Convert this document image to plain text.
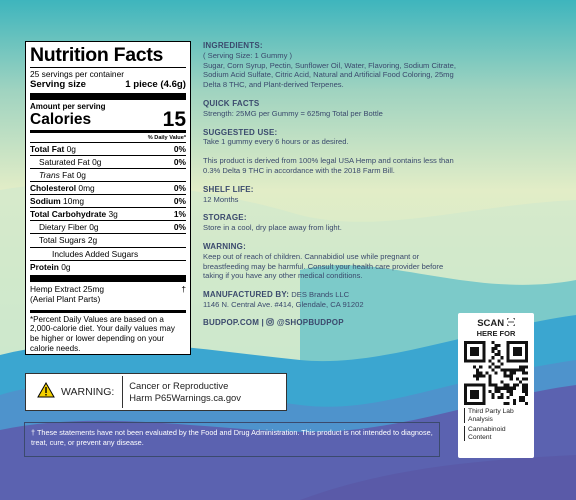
Nutrition Facts
25 servings per container
Serving size	1 piece (4.6g)
Amount per serving
Calories	15
% Daily Value*
Total Fat 0g	0%
Saturated Fat 0g	0%
Trans Fat 0g
Cholesterol 0mg	0%
Sodium 10mg	0%
Total Carbohydrate 3g	1%
Dietary Fiber 0g	0%
Total Sugars 2g
Includes Added Sugars
Protein 0g
Hemp Extract 25mg	†
(Aerial Plant Parts)
*Percent Daily Values are based on a 2,000-calorie diet. Your daily values may be higher or lower depending on your calorie needs.
INGREDIENTS:
( Serving Size: 1 Gummy )
Sugar, Corn Syrup, Pectin, Sunflower Oil, Water, Flavoring, Sodium Citrate, Sodium Acid Sulfate, Citric Acid, Natural and Artificial Food Coloring, 25mg Delta 8 THC, and Plant-derived Terpenes.
QUICK FACTS
Strength: 25MG per Gummy = 625mg Total per Bottle
SUGGESTED USE:
Take 1 gummy every 6 hours or as desired.
This product is derived from 100% legal USA Hemp and contains less than 0.3% Delta 9 THC in accordance with the 2018 Farm Bill.
SHELF LIFE:
12 Months
STORAGE:
Store in a cool, dry place away from light.
WARNING:
Keep out of reach of children. Cannabidiol use while pregnant or breastfeeding may be harmful. Consult your health care provider before taking if you have any other medical conditions.
MANUFACTURED BY: DES Brands LLC
1146 N. Central Ave. #414, Glendale, CA 91202
BUDPOP.COM | @SHOPBUDPOP
WARNING:
Cancer or Reproductive
Harm P65Warnings.ca.gov
† These statements have not been evaluated by the Food and Drug Administration. This product is not intended to diagnose, treat, cure, or prevent any disease.
SCAN
HERE FOR
Third Party Lab Analysis
Cannabinoid Content
